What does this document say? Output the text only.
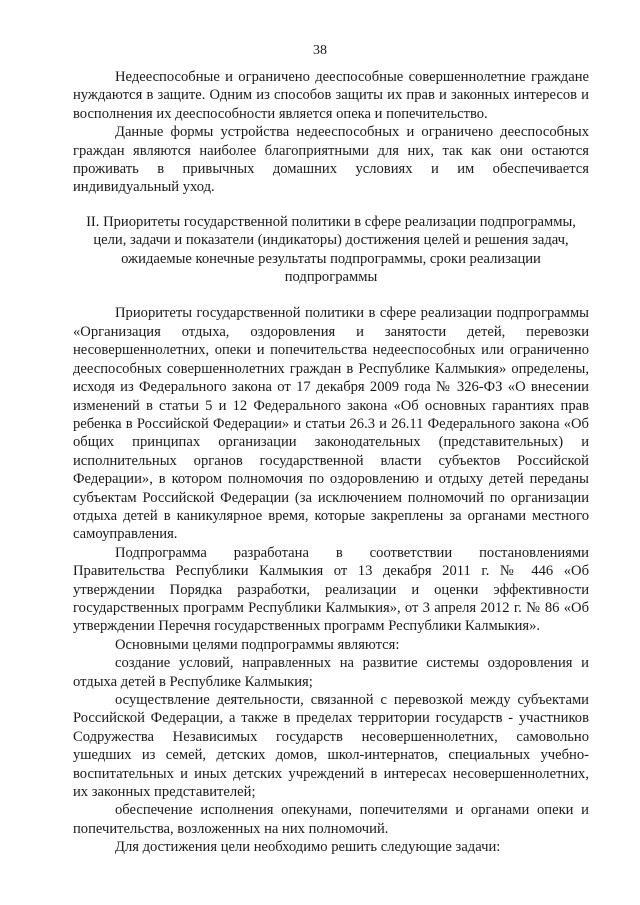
38

Недееспособные и ограничено дееспособные совершеннолетние граждане нуждаются в защите. Одним из способов защиты их прав и законных интересов и восполнения их дееспособности является опека и попечительство.

Данные формы устройства недееспособных и ограничено дееспособных граждан являются наиболее благоприятными для них, так как они остаются проживать в привычных домашних условиях и им обеспечивается индивидуальный уход.

II. Приоритеты государственной политики в сфере реализации подпрограммы, цели, задачи и показатели (индикаторы) достижения целей и решения задач, ожидаемые конечные результаты подпрограммы, сроки реализации подпрограммы

Приоритеты государственной политики в сфере реализации подпрограммы «Организация отдыха, оздоровления и занятости детей, перевозки несовершеннолетних, опеки и попечительства недееспособных или ограниченно дееспособных совершеннолетних граждан в Республике Калмыкия» определены, исходя из Федерального закона от 17 декабря 2009 года № 326-ФЗ «О внесении изменений в статьи 5 и 12 Федерального закона «Об основных гарантиях прав ребенка в Российской Федерации» и статьи 26.3 и 26.11 Федерального закона «Об общих принципах организации законодательных (представительных) и исполнительных органов государственной власти субъектов Российской Федерации», в котором полномочия по оздоровлению и отдыху детей переданы субъектам Российской Федерации (за исключением полномочий по организации отдыха детей в каникулярное время, которые закреплены за органами местного самоуправления.

Подпрограмма разработана в соответствии постановлениями Правительства Республики Калмыкия от 13 декабря 2011 г. № 446 «Об утверждении Порядка разработки, реализации и оценки эффективности государственных программ Республики Калмыкия», от 3 апреля 2012 г. № 86 «Об утверждении Перечня государственных программ Республики Калмыкия».

Основными целями подпрограммы являются:

создание условий, направленных на развитие системы оздоровления и отдыха детей в Республике Калмыкия;

осуществление деятельности, связанной с перевозкой между субъектами Российской Федерации, а также в пределах территории государств - участников Содружества Независимых государств несовершеннолетних, самовольно ушедших из семей, детских домов, школ-интернатов, специальных учебно-воспитательных и иных детских учреждений в интересах несовершеннолетних, их законных представителей;

обеспечение исполнения опекунами, попечителями и органами опеки и попечительства, возложенных на них полномочий.

Для достижения цели необходимо решить следующие задачи:
